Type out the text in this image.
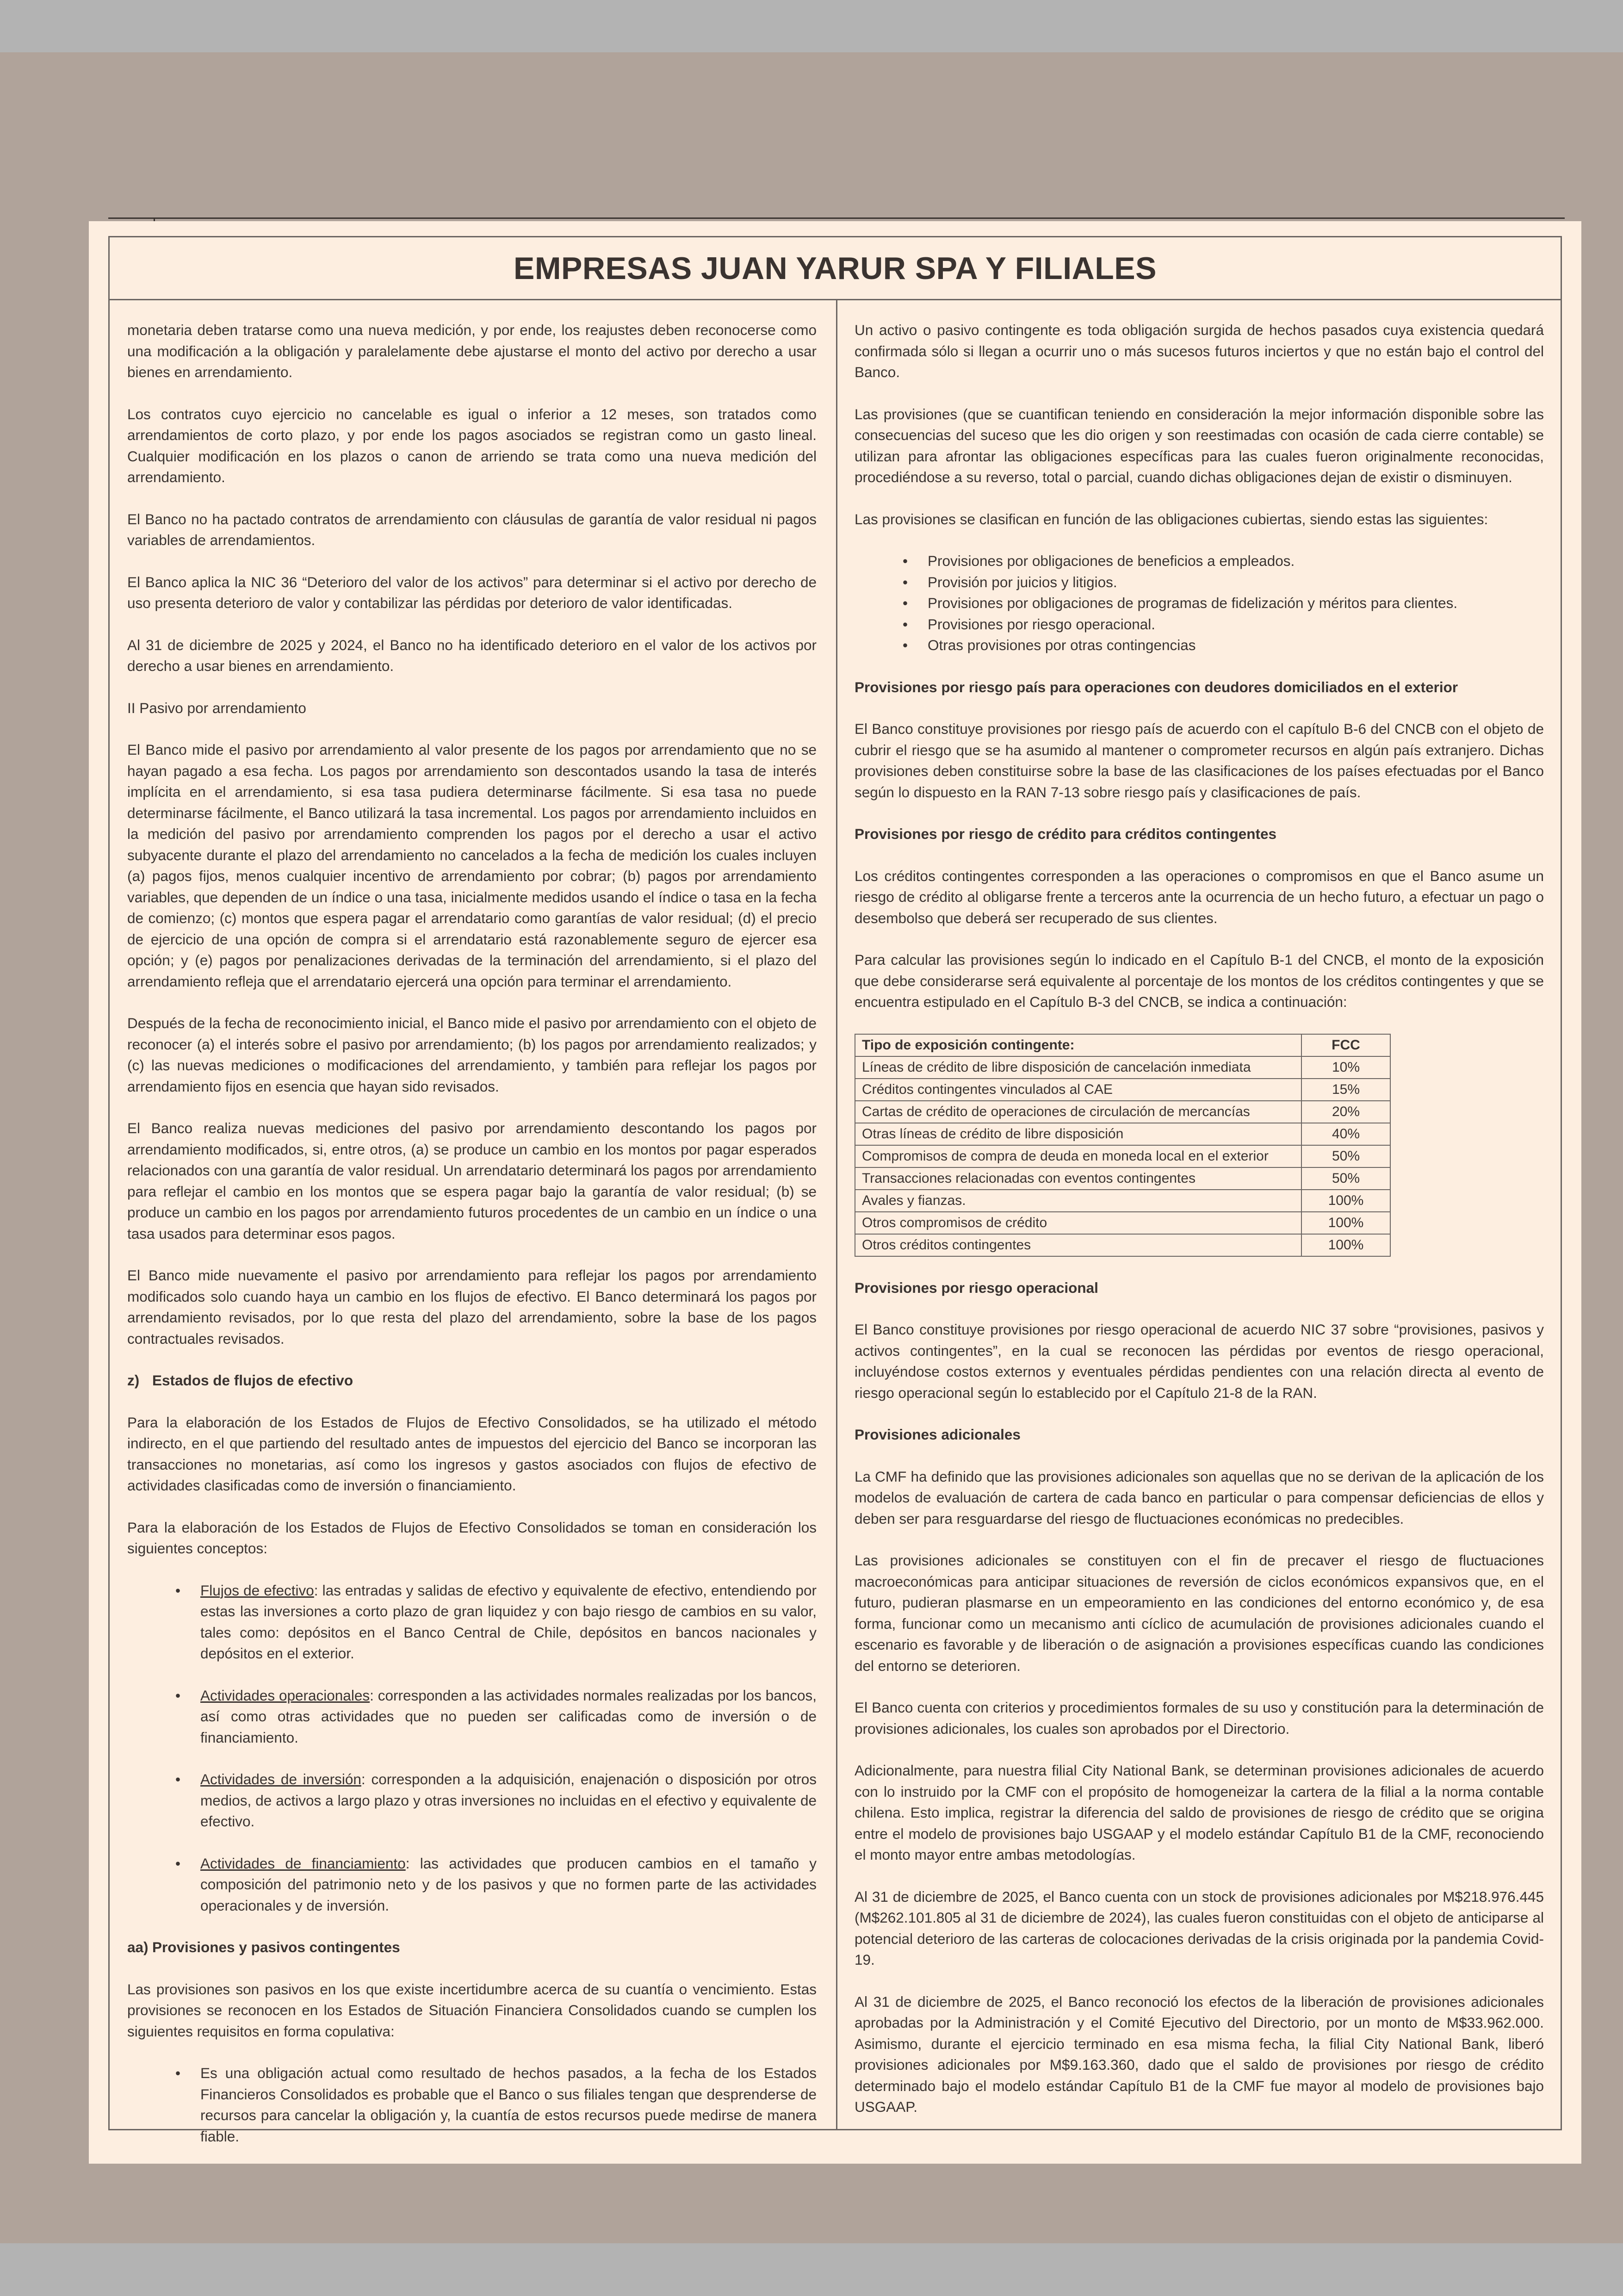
EMPRESAS JUAN YARUR SPA Y FILIALES

monetaria deben tratarse como una nueva medición, y por ende, los reajustes deben reconocerse como una modificación a la obligación y paralelamente debe ajustarse el monto del activo por derecho a usar bienes en arrendamiento.

Los contratos cuyo ejercicio no cancelable es igual o inferior a 12 meses, son tratados como arrendamientos de corto plazo, y por ende los pagos asociados se registran como un gasto lineal. Cualquier modificación en los plazos o canon de arriendo se trata como una nueva medición del arrendamiento.

El Banco no ha pactado contratos de arrendamiento con cláusulas de garantía de valor residual ni pagos variables de arrendamientos.

El Banco aplica la NIC 36 “Deterioro del valor de los activos” para determinar si el activo por derecho de uso presenta deterioro de valor y contabilizar las pérdidas por deterioro de valor identificadas.

Al 31 de diciembre de 2025 y 2024, el Banco no ha identificado deterioro en el valor de los activos por derecho a usar bienes en arrendamiento.

II Pasivo por arrendamiento

El Banco mide el pasivo por arrendamiento al valor presente de los pagos por arrendamiento que no se hayan pagado a esa fecha. Los pagos por arrendamiento son descontados usando la tasa de interés implícita en el arrendamiento, si esa tasa pudiera determinarse fácilmente. Si esa tasa no puede determinarse fácilmente, el Banco utilizará la tasa incremental. Los pagos por arrendamiento incluidos en la medición del pasivo por arrendamiento comprenden los pagos por el derecho a usar el activo subyacente durante el plazo del arrendamiento no cancelados a la fecha de medición los cuales incluyen (a) pagos fijos, menos cualquier incentivo de arrendamiento por cobrar; (b) pagos por arrendamiento variables, que dependen de un índice o una tasa, inicialmente medidos usando el índice o tasa en la fecha de comienzo; (c) montos que espera pagar el arrendatario como garantías de valor residual; (d) el precio de ejercicio de una opción de compra si el arrendatario está razonablemente seguro de ejercer esa opción; y (e) pagos por penalizaciones derivadas de la terminación del arrendamiento, si el plazo del arrendamiento refleja que el arrendatario ejercerá una opción para terminar el arrendamiento.

Después de la fecha de reconocimiento inicial, el Banco mide el pasivo por arrendamiento con el objeto de reconocer (a) el interés sobre el pasivo por arrendamiento; (b) los pagos por arrendamiento realizados; y (c) las nuevas mediciones o modificaciones del arrendamiento, y también para reflejar los pagos por arrendamiento fijos en esencia que hayan sido revisados.

El Banco realiza nuevas mediciones del pasivo por arrendamiento descontando los pagos por arrendamiento modificados, si, entre otros, (a) se produce un cambio en los montos por pagar esperados relacionados con una garantía de valor residual. Un arrendatario determinará los pagos por arrendamiento para reflejar el cambio en los montos que se espera pagar bajo la garantía de valor residual; (b) se produce un cambio en los pagos por arrendamiento futuros procedentes de un cambio en un índice o una tasa usados para determinar esos pagos.

El Banco mide nuevamente el pasivo por arrendamiento para reflejar los pagos por arrendamiento modificados solo cuando haya un cambio en los flujos de efectivo. El Banco determinará los pagos por arrendamiento revisados, por lo que resta del plazo del arrendamiento, sobre la base de los pagos contractuales revisados.

z) Estados de flujos de efectivo

Para la elaboración de los Estados de Flujos de Efectivo Consolidados, se ha utilizado el método indirecto, en el que partiendo del resultado antes de impuestos del ejercicio del Banco se incorporan las transacciones no monetarias, así como los ingresos y gastos asociados con flujos de efectivo de actividades clasificadas como de inversión o financiamiento.

Para la elaboración de los Estados de Flujos de Efectivo Consolidados se toman en consideración los siguientes conceptos:

• Flujos de efectivo: las entradas y salidas de efectivo y equivalente de efectivo, entendiendo por estas las inversiones a corto plazo de gran liquidez y con bajo riesgo de cambios en su valor, tales como: depósitos en el Banco Central de Chile, depósitos en bancos nacionales y depósitos en el exterior.
• Actividades operacionales: corresponden a las actividades normales realizadas por los bancos, así como otras actividades que no pueden ser calificadas como de inversión o de financiamiento.
• Actividades de inversión: corresponden a la adquisición, enajenación o disposición por otros medios, de activos a largo plazo y otras inversiones no incluidas en el efectivo y equivalente de efectivo.
• Actividades de financiamiento: las actividades que producen cambios en el tamaño y composición del patrimonio neto y de los pasivos y que no formen parte de las actividades operacionales y de inversión.
aa) Provisiones y pasivos contingentes

Las provisiones son pasivos en los que existe incertidumbre acerca de su cuantía o vencimiento. Estas provisiones se reconocen en los Estados de Situación Financiera Consolidados cuando se cumplen los siguientes requisitos en forma copulativa:

• Es una obligación actual como resultado de hechos pasados, a la fecha de los Estados Financieros Consolidados es probable que el Banco o sus filiales tengan que desprenderse de recursos para cancelar la obligación y, la cuantía de estos recursos puede medirse de manera fiable.

Un activo o pasivo contingente es toda obligación surgida de hechos pasados cuya existencia quedará confirmada sólo si llegan a ocurrir uno o más sucesos futuros inciertos y que no están bajo el control del Banco.

Las provisiones (que se cuantifican teniendo en consideración la mejor información disponible sobre las consecuencias del suceso que les dio origen y son reestimadas con ocasión de cada cierre contable) se utilizan para afrontar las obligaciones específicas para las cuales fueron originalmente reconocidas, procediéndose a su reverso, total o parcial, cuando dichas obligaciones dejan de existir o disminuyen.

Las provisiones se clasifican en función de las obligaciones cubiertas, siendo estas las siguientes:

• Provisiones por obligaciones de beneficios a empleados.
• Provisión por juicios y litigios.
• Provisiones por obligaciones de programas de fidelización y méritos para clientes.
• Provisiones por riesgo operacional.
• Otras provisiones por otras contingencias
Provisiones por riesgo país para operaciones con deudores domiciliados en el exterior

El Banco constituye provisiones por riesgo país de acuerdo con el capítulo B-6 del CNCB con el objeto de cubrir el riesgo que se ha asumido al mantener o comprometer recursos en algún país extranjero. Dichas provisiones deben constituirse sobre la base de las clasificaciones de los países efectuadas por el Banco según lo dispuesto en la RAN 7-13 sobre riesgo país y clasificaciones de país.

Provisiones por riesgo de crédito para créditos contingentes

Los créditos contingentes corresponden a las operaciones o compromisos en que el Banco asume un riesgo de crédito al obligarse frente a terceros ante la ocurrencia de un hecho futuro, a efectuar un pago o desembolso que deberá ser recuperado de sus clientes.

Para calcular las provisiones según lo indicado en el Capítulo B-1 del CNCB, el monto de la exposición que debe considerarse será equivalente al porcentaje de los montos de los créditos contingentes y que se encuentra estipulado en el Capítulo B-3 del CNCB, se indica a continuación:

Tipo de exposición contingente:	FCC
Líneas de crédito de libre disposición de cancelación inmediata	10%
Créditos contingentes vinculados al CAE	15%
Cartas de crédito de operaciones de circulación de mercancías	20%
Otras líneas de crédito de libre disposición	40%
Compromisos de compra de deuda en moneda local en el exterior	50%
Transacciones relacionadas con eventos contingentes	50%
Avales y fianzas.	100%
Otros compromisos de crédito	100%
Otros créditos contingentes	100%
Provisiones por riesgo operacional

El Banco constituye provisiones por riesgo operacional de acuerdo NIC 37 sobre “provisiones, pasivos y activos contingentes”, en la cual se reconocen las pérdidas por eventos de riesgo operacional, incluyéndose costos externos y eventuales pérdidas pendientes con una relación directa al evento de riesgo operacional según lo establecido por el Capítulo 21-8 de la RAN.

Provisiones adicionales

La CMF ha definido que las provisiones adicionales son aquellas que no se derivan de la aplicación de los modelos de evaluación de cartera de cada banco en particular o para compensar deficiencias de ellos y deben ser para resguardarse del riesgo de fluctuaciones económicas no predecibles.

Las provisiones adicionales se constituyen con el fin de precaver el riesgo de fluctuaciones macroeconómicas para anticipar situaciones de reversión de ciclos económicos expansivos que, en el futuro, pudieran plasmarse en un empeoramiento en las condiciones del entorno económico y, de esa forma, funcionar como un mecanismo anti cíclico de acumulación de provisiones adicionales cuando el escenario es favorable y de liberación o de asignación a provisiones específicas cuando las condiciones del entorno se deterioren.

El Banco cuenta con criterios y procedimientos formales de su uso y constitución para la determinación de provisiones adicionales, los cuales son aprobados por el Directorio.

Adicionalmente, para nuestra filial City National Bank, se determinan provisiones adicionales de acuerdo con lo instruido por la CMF con el propósito de homogeneizar la cartera de la filial a la norma contable chilena. Esto implica, registrar la diferencia del saldo de provisiones de riesgo de crédito que se origina entre el modelo de provisiones bajo USGAAP y el modelo estándar Capítulo B1 de la CMF, reconociendo el monto mayor entre ambas metodologías.

Al 31 de diciembre de 2025, el Banco cuenta con un stock de provisiones adicionales por M$218.976.445 (M$262.101.805 al 31 de diciembre de 2024), las cuales fueron constituidas con el objeto de anticiparse al potencial deterioro de las carteras de colocaciones derivadas de la crisis originada por la pandemia Covid-19.

Al 31 de diciembre de 2025, el Banco reconoció los efectos de la liberación de provisiones adicionales aprobadas por la Administración y el Comité Ejecutivo del Directorio, por un monto de M$33.962.000. Asimismo, durante el ejercicio terminado en esa misma fecha, la filial City National Bank, liberó provisiones adicionales por M$9.163.360, dado que el saldo de provisiones por riesgo de crédito determinado bajo el modelo estándar Capítulo B1 de la CMF fue mayor al modelo de provisiones bajo USGAAP.
